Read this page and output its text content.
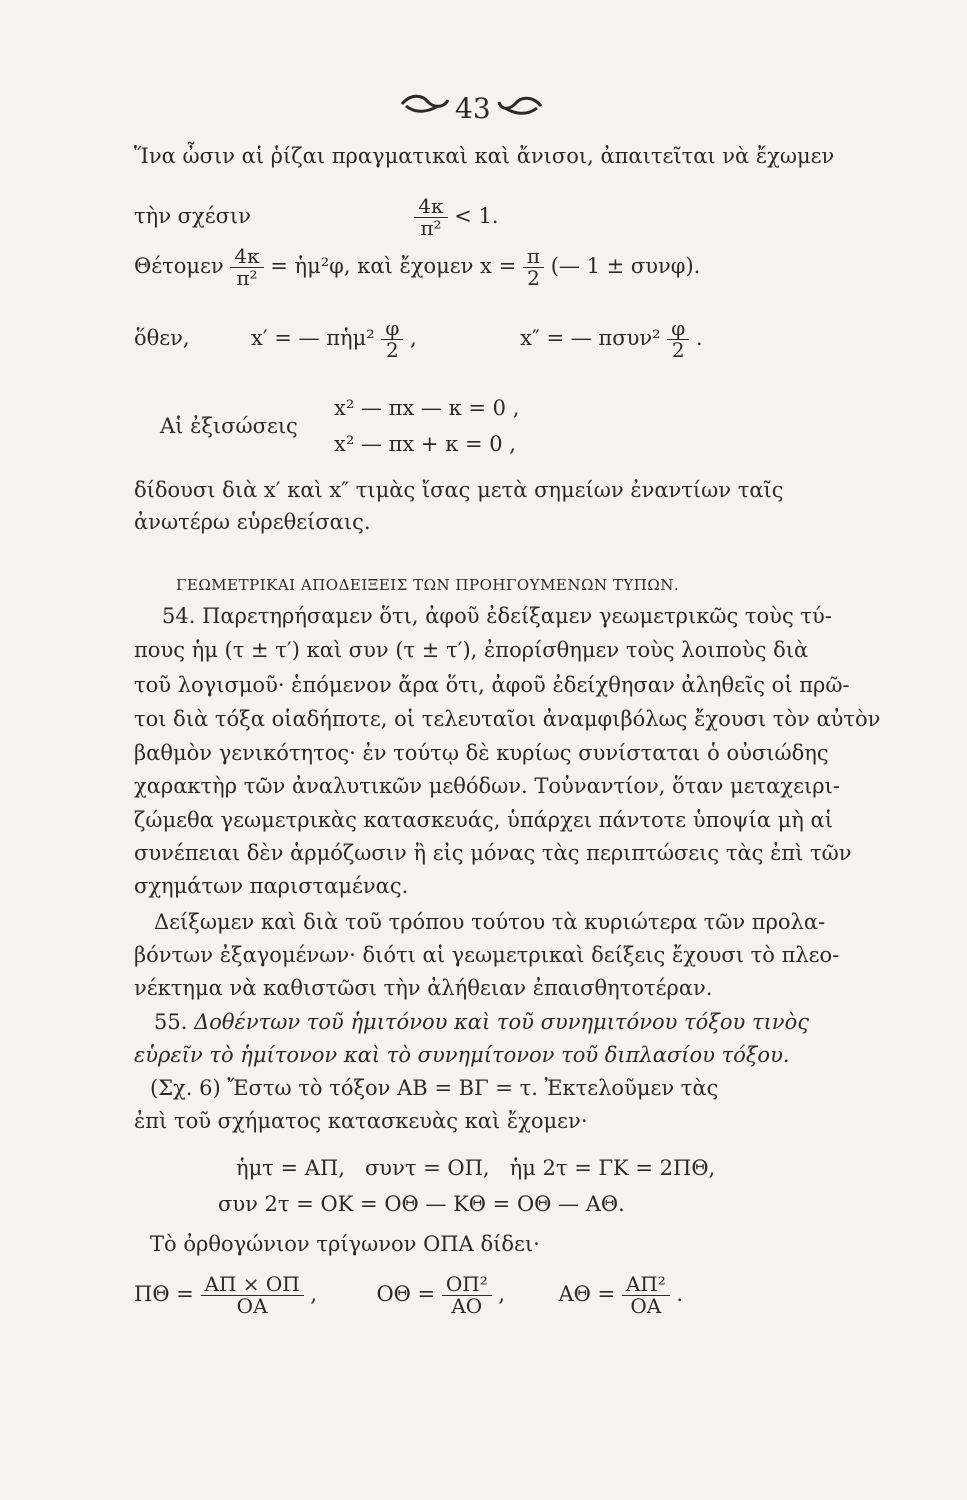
43
Ἵνα ὦσιν αἱ ῥίζαι πραγματικαὶ καὶ ἄνισοι, ἀπαιτεῖται νὰ ἔχωμεν
τὴν σχέσιν	$\frac{4\kappa}{\text{π²}} < 1$.
Θέτομεν $\frac{4\kappa}{\text{π²}}$ = ἡμ²φ, καὶ ἔχομεν $x = \frac{\pi}{2}$ (— 1 ± συνφ).
ὅθεν,	x′ = — πἡμ² $\frac{\varphi}{2}$ ,	x″ = — $\pi\sigma\upsilon\nu^2 \frac{\varphi}{2}$ .
Αἱ ἐξισώσεις
x² — πx — κ = 0 ,
x² — πx + κ = 0 ,
δίδουσι διὰ x′ καὶ x″ τιμὰς ἴσας μετὰ σημείων ἐναντίων ταῖς
ἀνωτέρω εὑρεθείσαις.
ΓΕΩΜΕΤΡΙΚΑΙ ΑΠΟΔΕΙΞΕΙΣ ΤΩΝ ΠΡΟΗΓΟΥΜΕΝΩΝ ΤΥΠΩΝ.
54. Παρετηρήσαμεν ὅτι, ἀφοῦ ἐδείξαμεν γεωμετρικῶς τοὺς τύ-
πους ἡμ (τ ± τ′) καὶ συν (τ ± τ′), ἐπορίσθημεν τοὺς λοιποὺς διὰ
τοῦ λογισμοῦ· ἑπόμενον ἄρα ὅτι, ἀφοῦ ἐδείχθησαν ἀληθεῖς οἱ πρῶ-
τοι διὰ τόξα οἱαδήποτε, οἱ τελευταῖοι ἀναμφιβόλως ἔχουσι τὸν αὐτὸν
βαθμὸν γενικότητος· ἐν τούτῳ δὲ κυρίως συνίσταται ὁ οὐσιώδης
χαρακτὴρ τῶν ἀναλυτικῶν μεθόδων. Τοὐναντίον, ὅταν μεταχειρι-
ζώμεθα γεωμετρικὰς κατασκευάς, ὑπάρχει πάντοτε ὑποψία μὴ αἱ
συνέπειαι δὲν ἁρμόζωσιν ἢ εἰς μόνας τὰς περιπτώσεις τὰς ἐπὶ τῶν
σχημάτων παρισταμένας.
Δείξωμεν καὶ διὰ τοῦ τρόπου τούτου τὰ κυριώτερα τῶν προλα-
βόντων ἐξαγομένων· διότι αἱ γεωμετρικαὶ δείξεις ἔχουσι τὸ πλεο-
νέκτημα νὰ καθιστῶσι τὴν ἀλήθειαν ἐπαισθητοτέραν.
55. Δοθέντων τοῦ ἡμιτόνου καὶ τοῦ συνημιτόνου τόξου τινὸς
εὑρεῖν τὸ ἡμίτονον καὶ τὸ συνημίτονον τοῦ διπλασίου τόξου.
(Σχ. 6) Ἔστω τὸ τόξον ΑΒ = ΒΓ = τ. Ἐκτελοῦμεν τὰς
ἐπὶ τοῦ σχήματος κατασκευὰς καὶ ἔχομεν·
ἡμτ = ΑΠ,   συντ = ΟΠ,   ἡμ 2τ = ΓΚ = 2ΠΘ,
συν 2τ = ΟΚ = ΟΘ — ΚΘ = ΟΘ — ΑΘ.
Τὸ ὀρθογώνιον τρίγωνον ΟΠΑ δίδει·
$\Pi\Theta = \frac{A\Pi \times O\Pi}{OA}$ ,	$O\Theta = \frac{\text{ΟΠ²}}{AO}$ ,	$A\Theta = \frac{\text{ΑΠ²}}{OA}$ .
